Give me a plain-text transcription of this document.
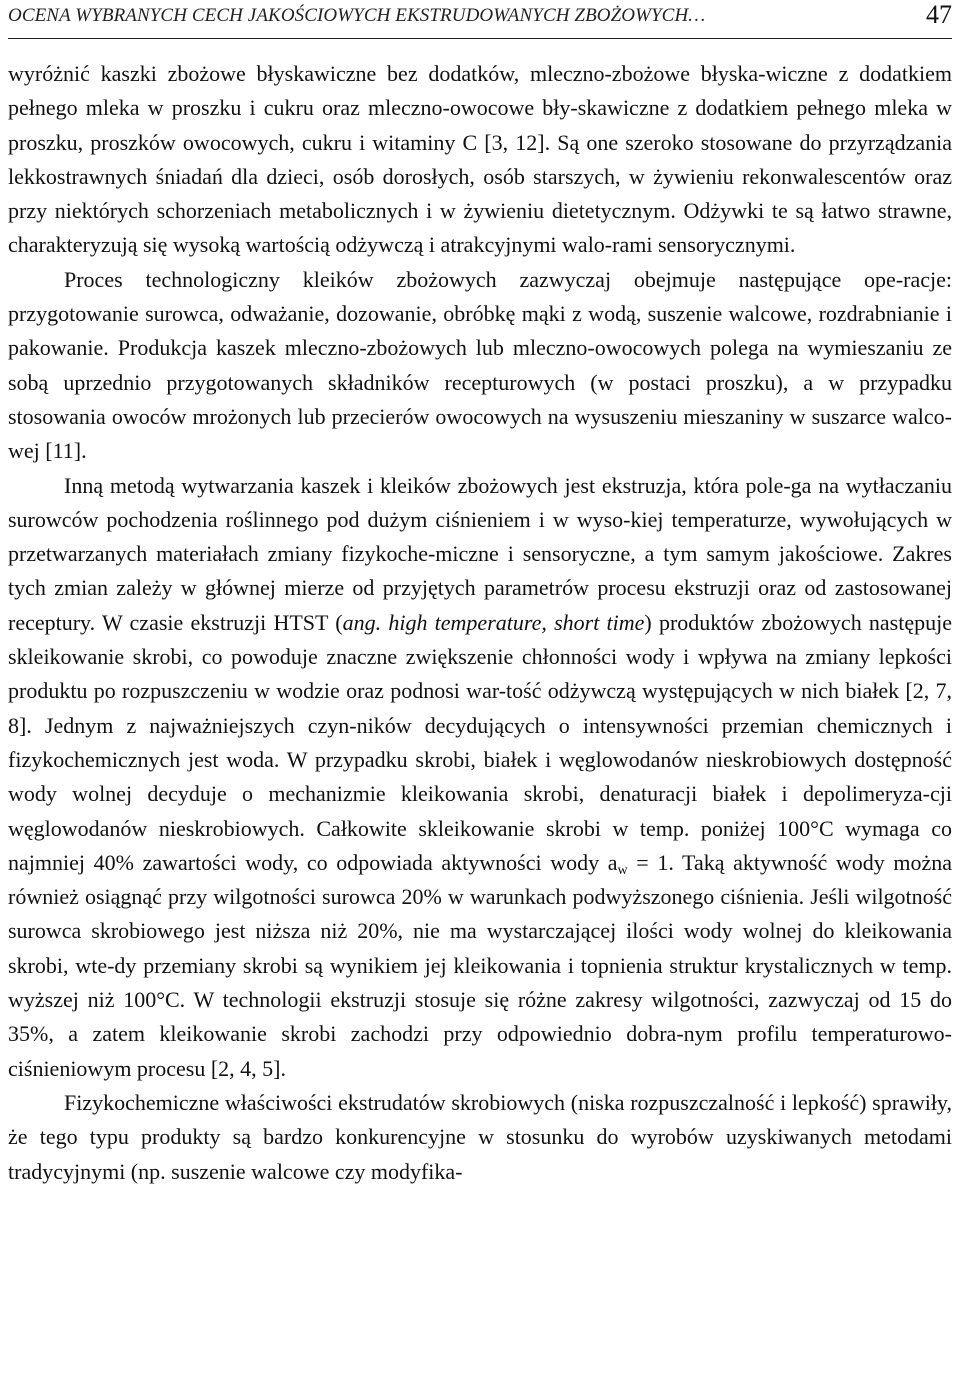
OCENA WYBRANYCH CECH JAKOŚCIOWYCH EKSTRUDOWANYCH ZBOŻOWYCH…	47

wyróżnić kaszki zbożowe błyskawiczne bez dodatków, mleczno-zbożowe błyska-wiczne z dodatkiem pełnego mleka w proszku i cukru oraz mleczno-owocowe bły-skawiczne z dodatkiem pełnego mleka w proszku, proszków owocowych, cukru i witaminy C [3, 12]. Są one szeroko stosowane do przyrządzania lekkostrawnych śniadań dla dzieci, osób dorosłych, osób starszych, w żywieniu rekonwalescentów oraz przy niektórych schorzeniach metabolicznych i w żywieniu dietetycznym. Odżywki te są łatwo strawne, charakteryzują się wysoką wartością odżywczą i atrakcyjnymi walo-rami sensorycznymi.

Proces technologiczny kleików zbożowych zazwyczaj obejmuje następujące ope-racje: przygotowanie surowca, odważanie, dozowanie, obróbkę mąki z wodą, suszenie walcowe, rozdrabnianie i pakowanie. Produkcja kaszek mleczno-zbożowych lub mleczno-owocowych polega na wymieszaniu ze sobą uprzednio przygotowanych składników recepturowych (w postaci proszku), a w przypadku stosowania owoców mrożonych lub przecierów owocowych na wysuszeniu mieszaniny w suszarce walco-wej [11].

Inną metodą wytwarzania kaszek i kleików zbożowych jest ekstruzja, która pole-ga na wytłaczaniu surowców pochodzenia roślinnego pod dużym ciśnieniem i w wyso-kiej temperaturze, wywołujących w przetwarzanych materiałach zmiany fizykoche-miczne i sensoryczne, a tym samym jakościowe. Zakres tych zmian zależy w głównej mierze od przyjętych parametrów procesu ekstruzji oraz od zastosowanej receptury. W czasie ekstruzji HTST (ang. high temperature, short time) produktów zbożowych następuje skleikowanie skrobi, co powoduje znaczne zwiększenie chłonności wody i wpływa na zmiany lepkości produktu po rozpuszczeniu w wodzie oraz podnosi war-tość odżywczą występujących w nich białek [2, 7, 8]. Jednym z najważniejszych czyn-ników decydujących o intensywności przemian chemicznych i fizykochemicznych jest woda. W przypadku skrobi, białek i węglowodanów nieskrobiowych dostępność wody wolnej decyduje o mechanizmie kleikowania skrobi, denaturacji białek i depolimeryza-cji węglowodanów nieskrobiowych. Całkowite skleikowanie skrobi w temp. poniżej 100°C wymaga co najmniej 40% zawartości wody, co odpowiada aktywności wody $a_w = 1$. Taką aktywność wody można również osiągnąć przy wilgotności surowca 20% w warunkach podwyższonego ciśnienia. Jeśli wilgotność surowca skrobiowego jest niższa niż 20%, nie ma wystarczającej ilości wody wolnej do kleikowania skrobi, wte-dy przemiany skrobi są wynikiem jej kleikowania i topnienia struktur krystalicznych w temp. wyższej niż 100°C. W technologii ekstruzji stosuje się różne zakresy wilgotności, zazwyczaj od 15 do 35%, a zatem kleikowanie skrobi zachodzi przy odpowiednio dobra-nym profilu temperaturowo-ciśnieniowym procesu [2, 4, 5].

Fizykochemiczne właściwości ekstrudatów skrobiowych (niska rozpuszczalność i lepkość) sprawiły, że tego typu produkty są bardzo konkurencyjne w stosunku do wyrobów uzyskiwanych metodami tradycyjnymi (np. suszenie walcowe czy modyfika-
